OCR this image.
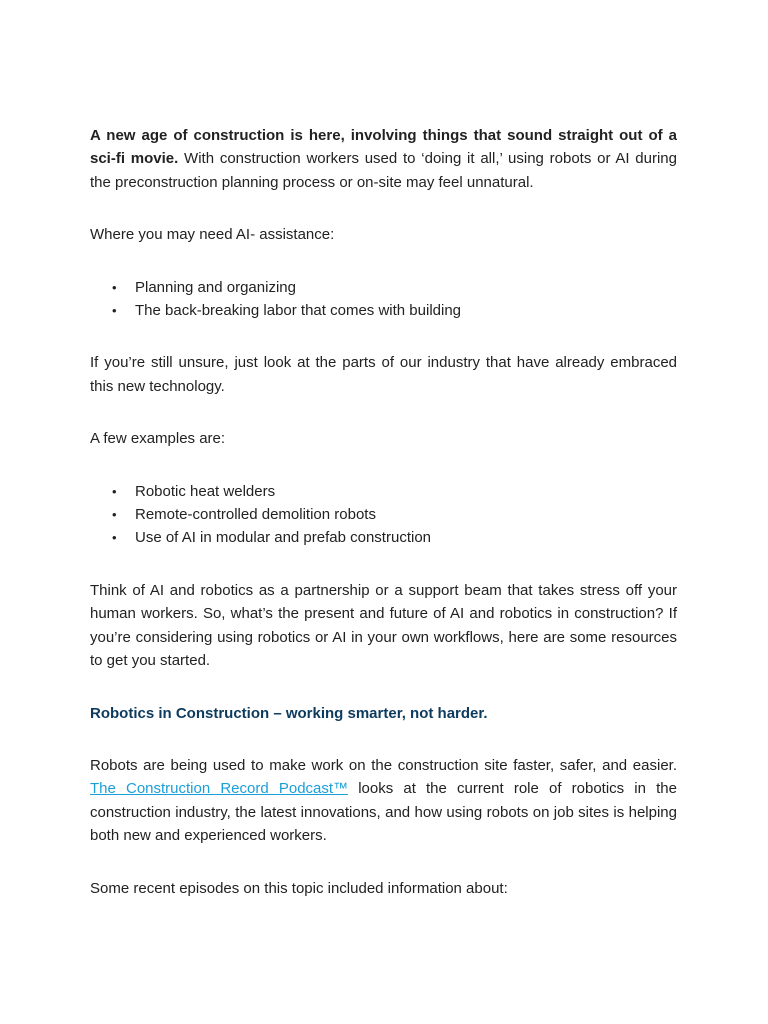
A new age of construction is here, involving things that sound straight out of a sci-fi movie. With construction workers used to ‘doing it all,’ using robots or AI during the preconstruction planning process or on-site may feel unnatural.

Where you may need AI- assistance:

• Planning and organizing
• The back-breaking labor that comes with building

If you’re still unsure, just look at the parts of our industry that have already embraced this new technology.

A few examples are:

• Robotic heat welders
• Remote-controlled demolition robots
• Use of AI in modular and prefab construction

Think of AI and robotics as a partnership or a support beam that takes stress off your human workers. So, what’s the present and future of AI and robotics in construction? If you’re considering using robotics or AI in your own workflows, here are some resources to get you started.

Robotics in Construction – working smarter, not harder.

Robots are being used to make work on the construction site faster, safer, and easier. The Construction Record Podcast™ looks at the current role of robotics in the construction industry, the latest innovations, and how using robots on job sites is helping both new and experienced workers.

Some recent episodes on this topic included information about:
